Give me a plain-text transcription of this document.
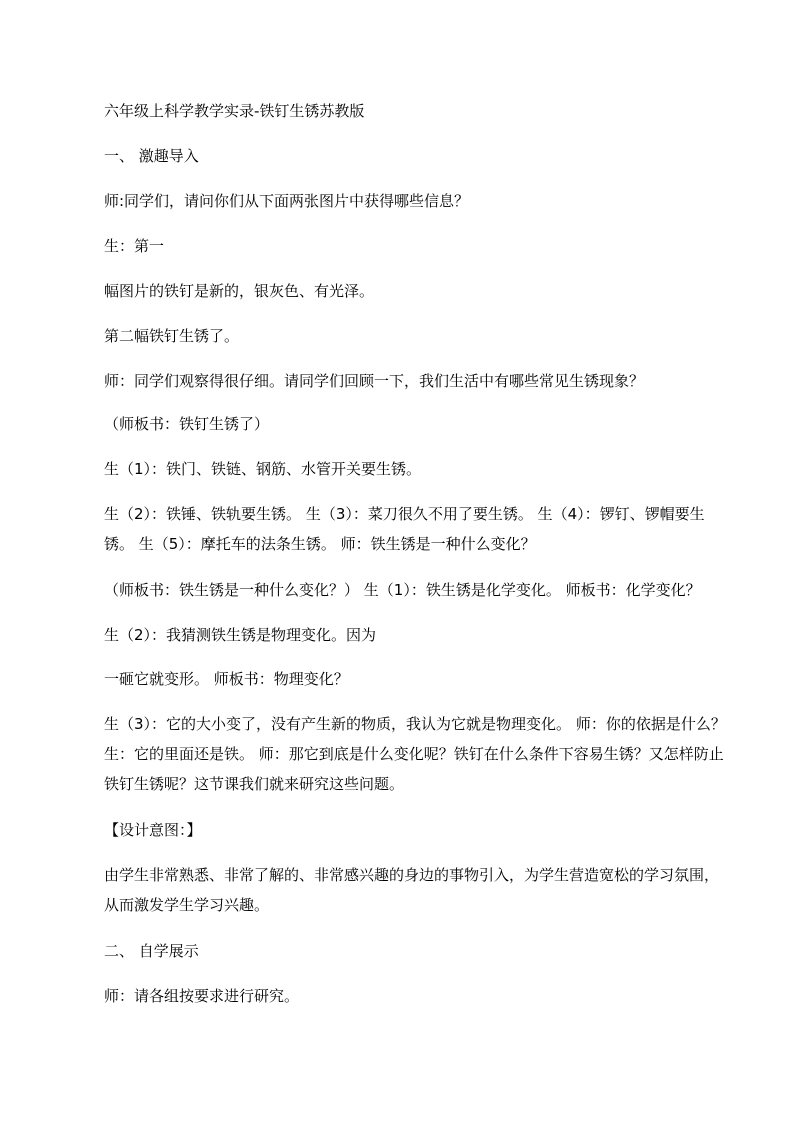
六年级上科学教学实录-铁钉生锈苏教版

一、 激趣导入

师:同学们，请问你们从下面两张图片中获得哪些信息？

生：第一

幅图片的铁钉是新的，银灰色、有光泽。

第二幅铁钉生锈了。

师：同学们观察得很仔细。请同学们回顾一下，我们生活中有哪些常见生锈现象？

（师板书：铁钉生锈了）

生（1）：铁门、铁链、钢筋、水管开关要生锈。

生（2）：铁锤、铁轨要生锈。 生（3）：菜刀很久不用了要生锈。 生（4）：锣钉、锣帽要生锈。 生（5）：摩托车的法条生锈。 师：铁生锈是一种什么变化？

（师板书：铁生锈是一种什么变化？） 生（1）：铁生锈是化学变化。 师板书：化学变化？

生（2）：我猜测铁生锈是物理变化。因为

一砸它就变形。 师板书：物理变化？

生（3）：它的大小变了，没有产生新的物质，我认为它就是物理变化。 师：你的依据是什么？ 生：它的里面还是铁。 师：那它到底是什么变化呢？铁钉在什么条件下容易生锈？又怎样防止铁钉生锈呢？这节课我们就来研究这些问题。

【设计意图：】

由学生非常熟悉、非常了解的、非常感兴趣的身边的事物引入，为学生营造宽松的学习氛围，从而激发学生学习兴趣。

二、 自学展示

师：请各组按要求进行研究。
